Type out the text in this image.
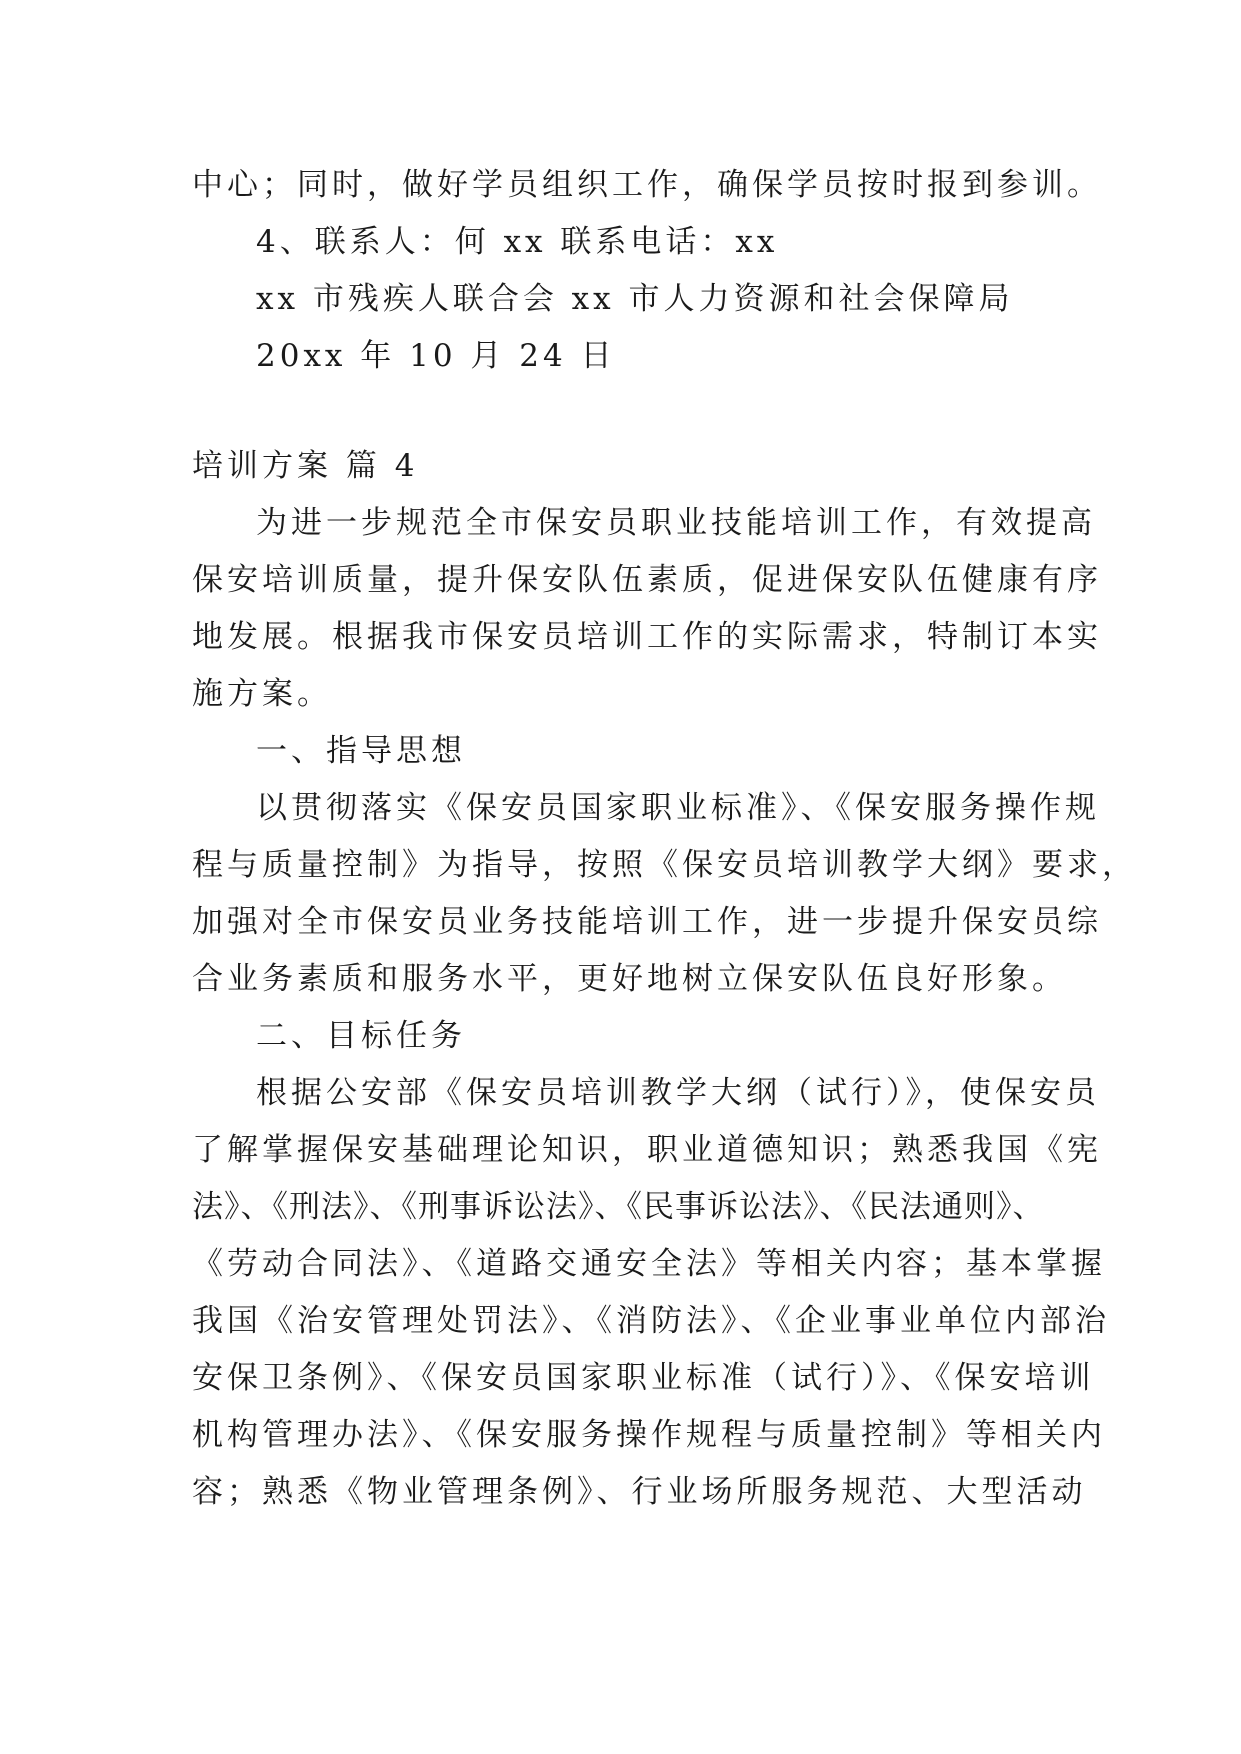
中心；同时，做好学员组织工作，确保学员按时报到参训。
4、联系人：何 xx 联系电话：xx
xx 市残疾人联合会 xx 市人力资源和社会保障局
20xx 年 10 月 24 日
培训方案 篇 4
为进一步规范全市保安员职业技能培训工作，有效提高
保安培训质量，提升保安队伍素质，促进保安队伍健康有序
地发展。根据我市保安员培训工作的实际需求，特制订本实
施方案。
一、指导思想
以贯彻落实《保安员国家职业标准》、《保安服务操作规
程与质量控制》为指导，按照《保安员培训教学大纲》要求，
加强对全市保安员业务技能培训工作，进一步提升保安员综
合业务素质和服务水平，更好地树立保安队伍良好形象。
二、目标任务
根据公安部《保安员培训教学大纲（试行）》，使保安员
了解掌握保安基础理论知识，职业道德知识；熟悉我国《宪
法》、《刑法》、《刑事诉讼法》、《民事诉讼法》、《民法通则》、
《劳动合同法》、《道路交通安全法》等相关内容；基本掌握
我国《治安管理处罚法》、《消防法》、《企业事业单位内部治
安保卫条例》、《保安员国家职业标准（试行）》、《保安培训
机构管理办法》、《保安服务操作规程与质量控制》等相关内
容；熟悉《物业管理条例》、行业场所服务规范、大型活动
